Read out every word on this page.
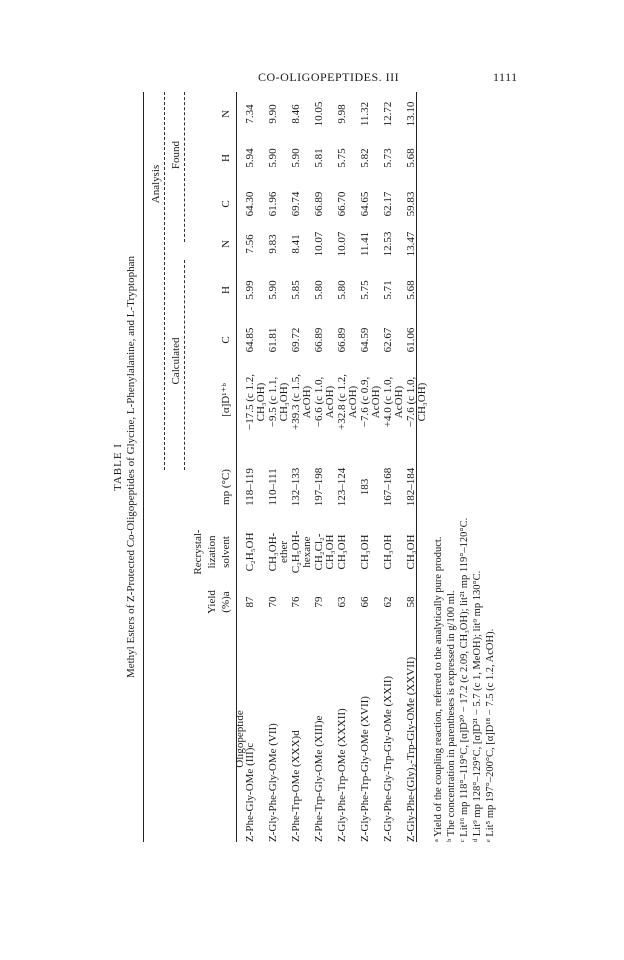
CO-OLIGOPEPTIDES. III	1111
TABLE I Methyl Esters of Z-Protected Co-Oligopeptides of Glycine, L-Phenylalanine, and L-Tryptophan
Analysis
Calculated
Found
Oligopeptide
Yield (%)a
Recrystal- lization solvent
mp (°C)
[α]D¹⁺ᵇ
C
H
N
C
H
N
Z-Phe-Gly-OMe (III)c
87
118–119
64.85
5.99
7.56
64.30
5.94
7.34
C₂H₅OH
−17.5 (c 1.2, CH₃OH)
Z-Gly-Phe-Gly-OMe (VII)
70
110–111
61.81
5.90
9.83
61.96
5.90
9.90
CH₃OH- ether
−9.5 (c 1.1, CH₃OH)
Z-Phe-Trp-OMe (XXX)d
76
132–133
69.72
5.85
8.41
69.74
5.90
8.46
C₂H₅OH- hexane
+39.3 (c 1.5, AcOH)
Z-Phe-Trp-Gly-OMe (XIII)e
79
197–198
66.89
5.80
10.07
66.89
5.81
10.05
CH₂Cl₂- CH₃OH
−6.6 (c 1.0, AcOH)
Z-Gly-Phe-Trp-OMe (XXXII)
63
123–124
66.89
5.80
10.07
66.70
5.75
9.98
CH₃OH
+32.8 (c 1.2, AcOH)
Z-Gly-Phe-Trp-Gly-OMe (XVII)
66
183
64.59
5.75
11.41
64.65
5.82
11.32
CH₃OH
−7.6 (c 0.9, AcOH)
Z-Gly-Phe-Gly-Trp-Gly-OMe (XXII)
62
167–168
62.67
5.71
12.53
62.17
5.73
12.72
CH₃OH
+4.0 (c 1.0, AcOH)
Z-Gly-Phe-(Gly)₂-Trp-Gly-OMe (XXVII)
58
182–184
61.06
5.68
13.47
59.83
5.68
13.10
CH₃OH
−7.6 (c 1.0, CH₃OH)
ᵃ Yield of the coupling reaction, referred to the analytically pure product. ᵇ The concentration in parentheses is expressed in g/100 ml. ᶜ Lit¹⁶ mp 118°–119°C, [α]D²⁰ − 17.2 (c 2.09, CH₃OH); lit²¹ mp 119°–120°C. ᵈ Lit⁹ mp 128°–129°C, [α]D²¹ − 5.7 (c 1, MeOH); lit⁹ mp 130°C. ᵉ Lit⁵ mp 197°–200°C, [α]D¹⁸ − 7.5 (c 1.2, AcOH).
